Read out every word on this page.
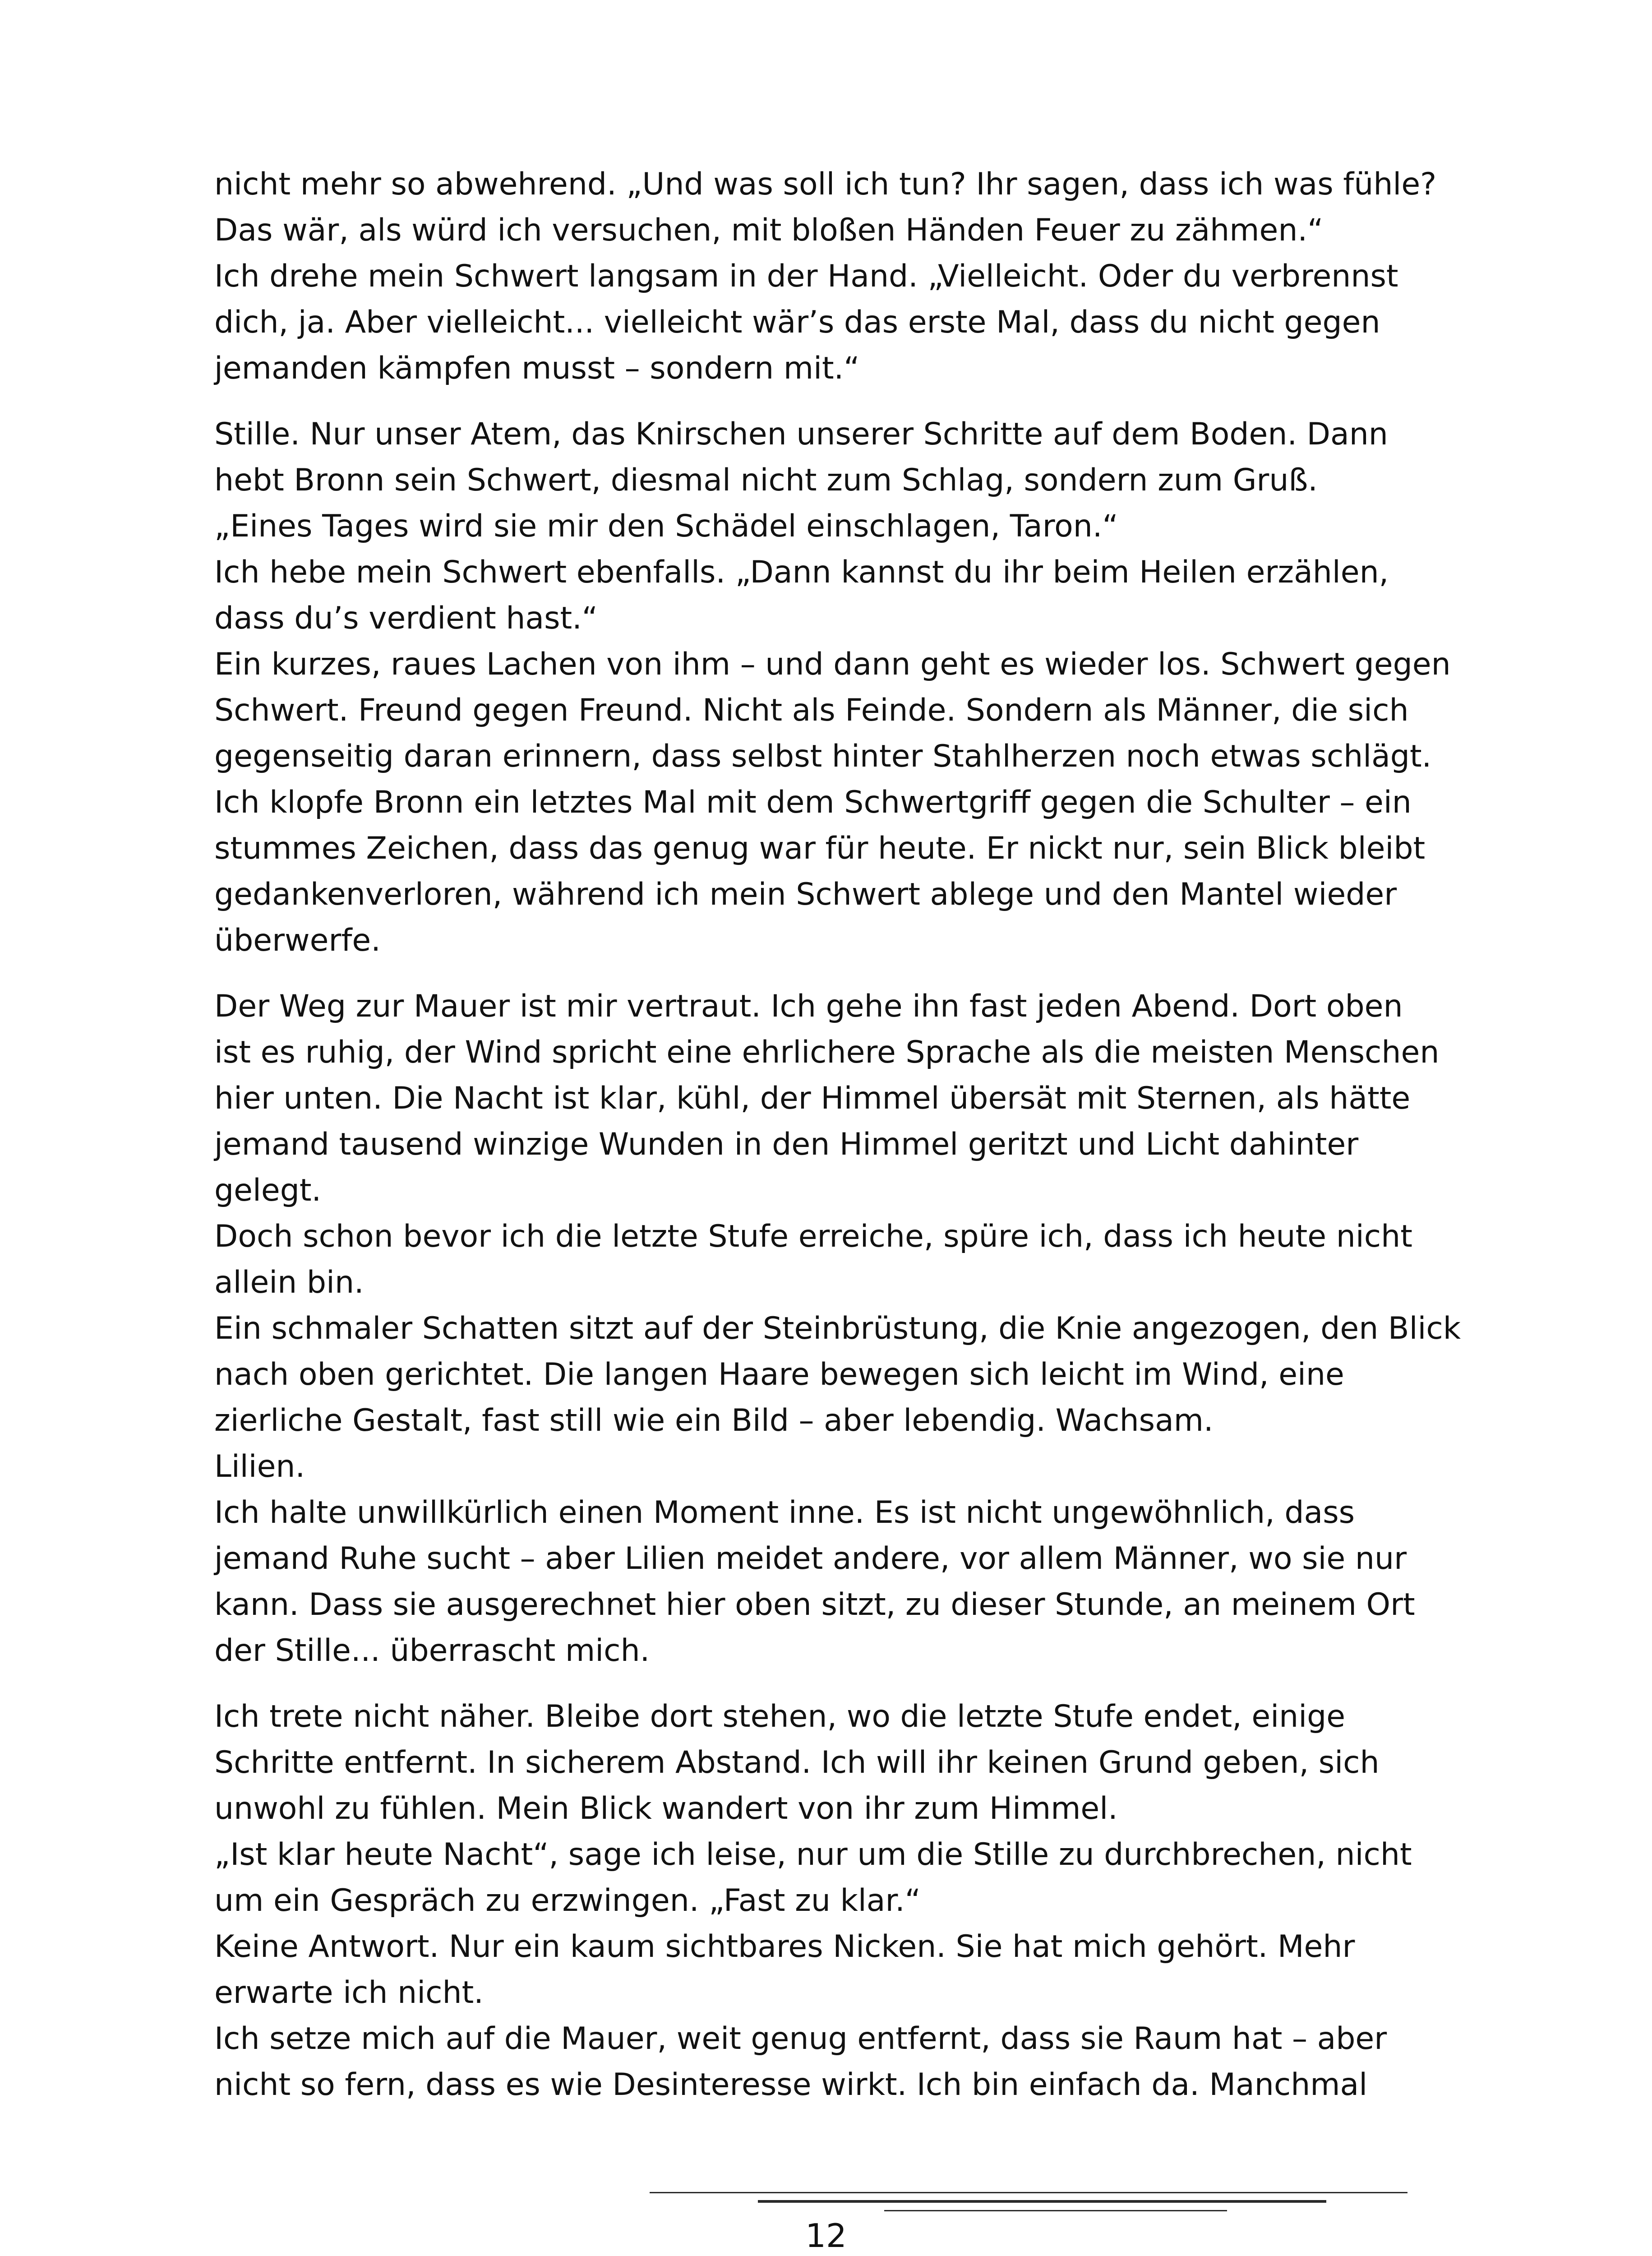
nicht mehr so abwehrend. „Und was soll ich tun? Ihr sagen, dass ich was fühle?
Das wär, als würd ich versuchen, mit bloßen Händen Feuer zu zähmen.“
Ich drehe mein Schwert langsam in der Hand. „Vielleicht. Oder du verbrennst
dich, ja. Aber vielleicht... vielleicht wär’s das erste Mal, dass du nicht gegen
jemanden kämpfen musst – sondern mit.“
Stille. Nur unser Atem, das Knirschen unserer Schritte auf dem Boden. Dann
hebt Bronn sein Schwert, diesmal nicht zum Schlag, sondern zum Gruß.
„Eines Tages wird sie mir den Schädel einschlagen, Taron.“
Ich hebe mein Schwert ebenfalls. „Dann kannst du ihr beim Heilen erzählen,
dass du’s verdient hast.“
Ein kurzes, raues Lachen von ihm – und dann geht es wieder los. Schwert gegen
Schwert. Freund gegen Freund. Nicht als Feinde. Sondern als Männer, die sich
gegenseitig daran erinnern, dass selbst hinter Stahlherzen noch etwas schlägt.
Ich klopfe Bronn ein letztes Mal mit dem Schwertgriff gegen die Schulter – ein
stummes Zeichen, dass das genug war für heute. Er nickt nur, sein Blick bleibt
gedankenverloren, während ich mein Schwert ablege und den Mantel wieder
überwerfe.
Der Weg zur Mauer ist mir vertraut. Ich gehe ihn fast jeden Abend. Dort oben
ist es ruhig, der Wind spricht eine ehrlichere Sprache als die meisten Menschen
hier unten. Die Nacht ist klar, kühl, der Himmel übersät mit Sternen, als hätte
jemand tausend winzige Wunden in den Himmel geritzt und Licht dahinter
gelegt.
Doch schon bevor ich die letzte Stufe erreiche, spüre ich, dass ich heute nicht
allein bin.
Ein schmaler Schatten sitzt auf der Steinbrüstung, die Knie angezogen, den Blick
nach oben gerichtet. Die langen Haare bewegen sich leicht im Wind, eine
zierliche Gestalt, fast still wie ein Bild – aber lebendig. Wachsam.
Lilien.
Ich halte unwillkürlich einen Moment inne. Es ist nicht ungewöhnlich, dass
jemand Ruhe sucht – aber Lilien meidet andere, vor allem Männer, wo sie nur
kann. Dass sie ausgerechnet hier oben sitzt, zu dieser Stunde, an meinem Ort
der Stille... überrascht mich.
Ich trete nicht näher. Bleibe dort stehen, wo die letzte Stufe endet, einige
Schritte entfernt. In sicherem Abstand. Ich will ihr keinen Grund geben, sich
unwohl zu fühlen. Mein Blick wandert von ihr zum Himmel.
„Ist klar heute Nacht“, sage ich leise, nur um die Stille zu durchbrechen, nicht
um ein Gespräch zu erzwingen. „Fast zu klar.“
Keine Antwort. Nur ein kaum sichtbares Nicken. Sie hat mich gehört. Mehr
erwarte ich nicht.
Ich setze mich auf die Mauer, weit genug entfernt, dass sie Raum hat – aber
nicht so fern, dass es wie Desinteresse wirkt. Ich bin einfach da. Manchmal
12
